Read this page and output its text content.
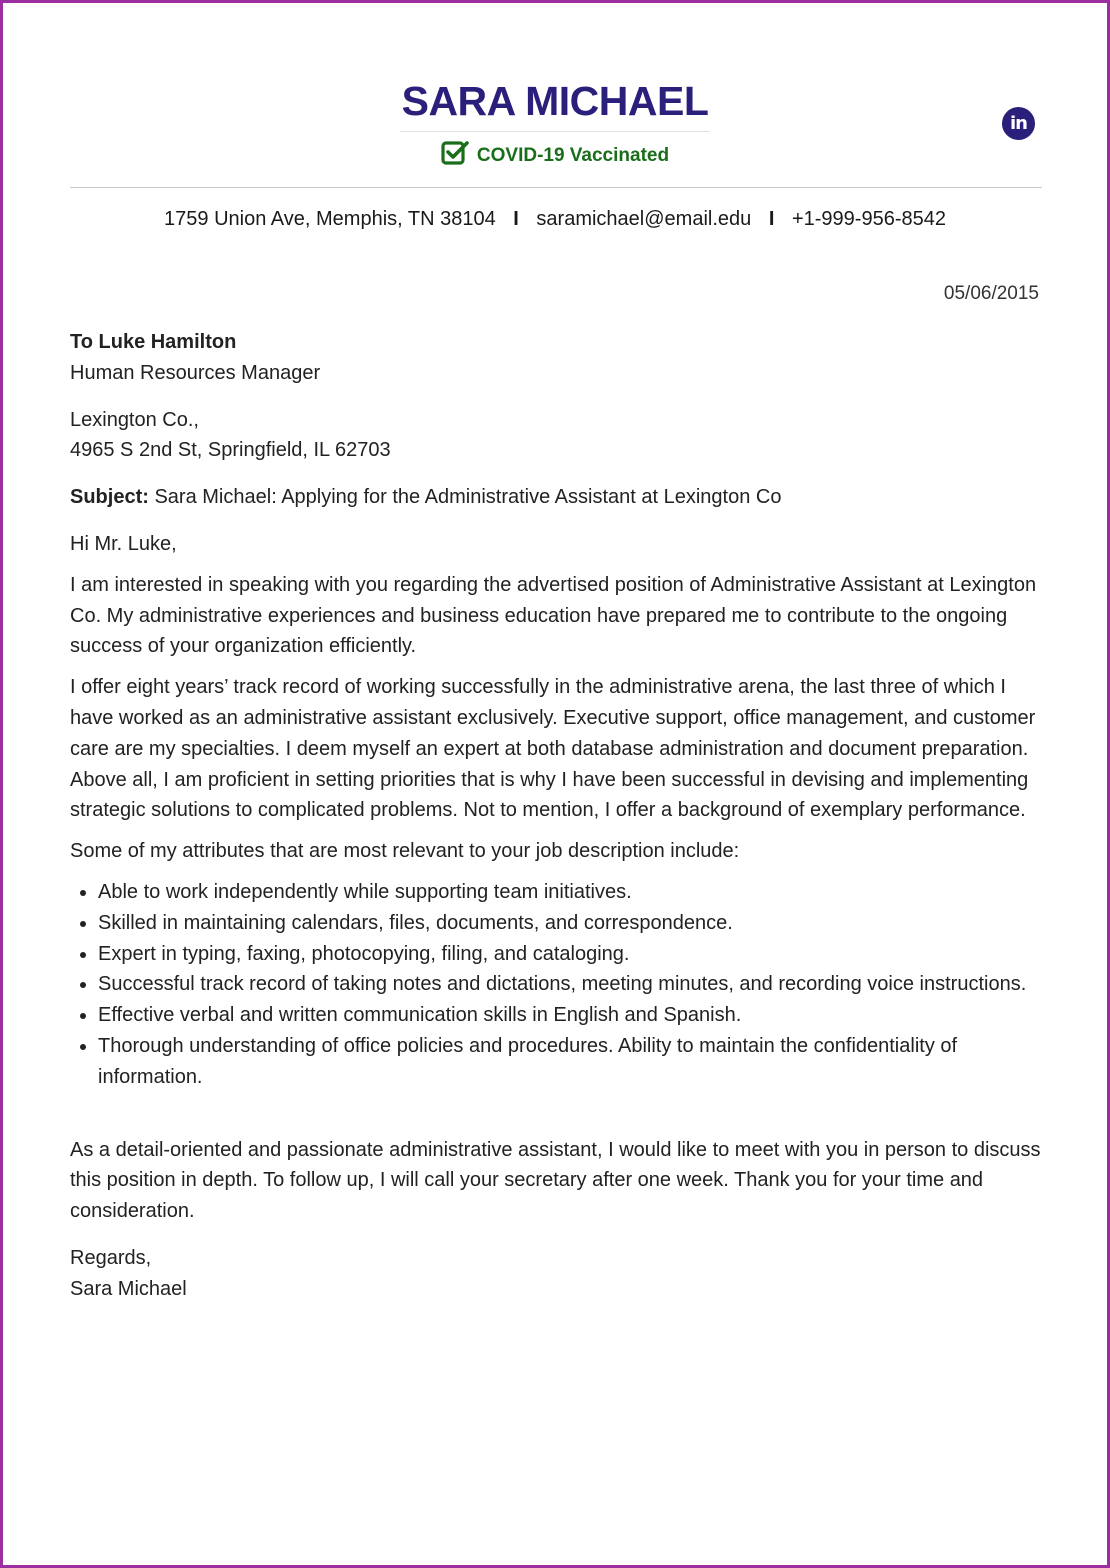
SARA MICHAEL
COVID-19 Vaccinated
in
1759 Union Ave, Memphis, TN 38104 I saramichael@email.edu I +1-999-956-8542
05/06/2015

To Luke Hamilton

Human Resources Manager

Lexington Co.,

4965 S 2nd St, Springfield, IL 62703

Subject: Sara Michael: Applying for the Administrative Assistant at Lexington Co

Hi Mr. Luke,

I am interested in speaking with you regarding the advertised position of Administrative Assistant at Lexington Co. My administrative experiences and business education have prepared me to contribute to the ongoing success of your organization efficiently.

I offer eight years’ track record of working successfully in the administrative arena, the last three of which I have worked as an administrative assistant exclusively. Executive support, office management, and customer care are my specialties. I deem myself an expert at both database administration and document preparation. Above all, I am proficient in setting priorities that is why I have been successful in devising and implementing strategic solutions to complicated problems. Not to mention, I offer a background of exemplary performance.

Some of my attributes that are most relevant to your job description include:

• Able to work independently while supporting team initiatives.
• Skilled in maintaining calendars, files, documents, and correspondence.
• Expert in typing, faxing, photocopying, filing, and cataloging.
• Successful track record of taking notes and dictations, meeting minutes, and recording voice instructions.
• Effective verbal and written communication skills in English and Spanish.
• Thorough understanding of office policies and procedures. Ability to maintain the confidentiality of information.

As a detail-oriented and passionate administrative assistant, I would like to meet with you in person to discuss this position in depth. To follow up, I will call your secretary after one week. Thank you for your time and consideration.

Regards,

Sara Michael
